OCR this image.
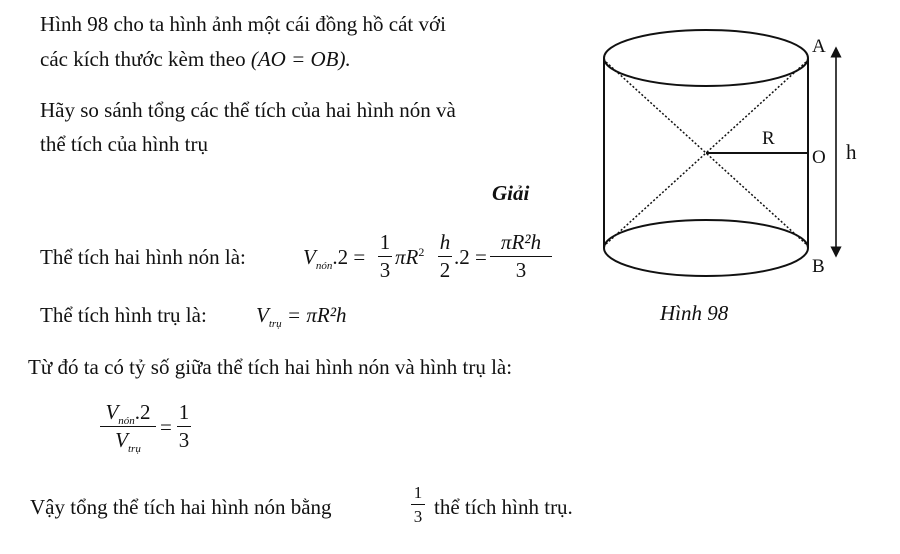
Hình 98 cho ta hình ảnh một cái đồng hồ cát với
các kích thước kèm theo (AO = OB).
Hãy so sánh tổng các thể tích của hai hình nón và
thể tích của hình trụ
Giải
Thể tích hai hình nón là:	$V_{nón}.2$ =
1
3
$\pi R^2$ h
2
.2 =
πR²h
3
Thể tích hình trụ là: $V_{trụ} = \pi R^2h$
Từ đó ta có tỷ số giữa thể tích hai hình nón và hình trụ là:
$V_{nón}.2$
$V_{trụ}$
=
1
3
Vậy tổng thể tích hai hình nón bằng
1
3 thể tích hình trụ.
A
B
O
R
h
Hình 98
